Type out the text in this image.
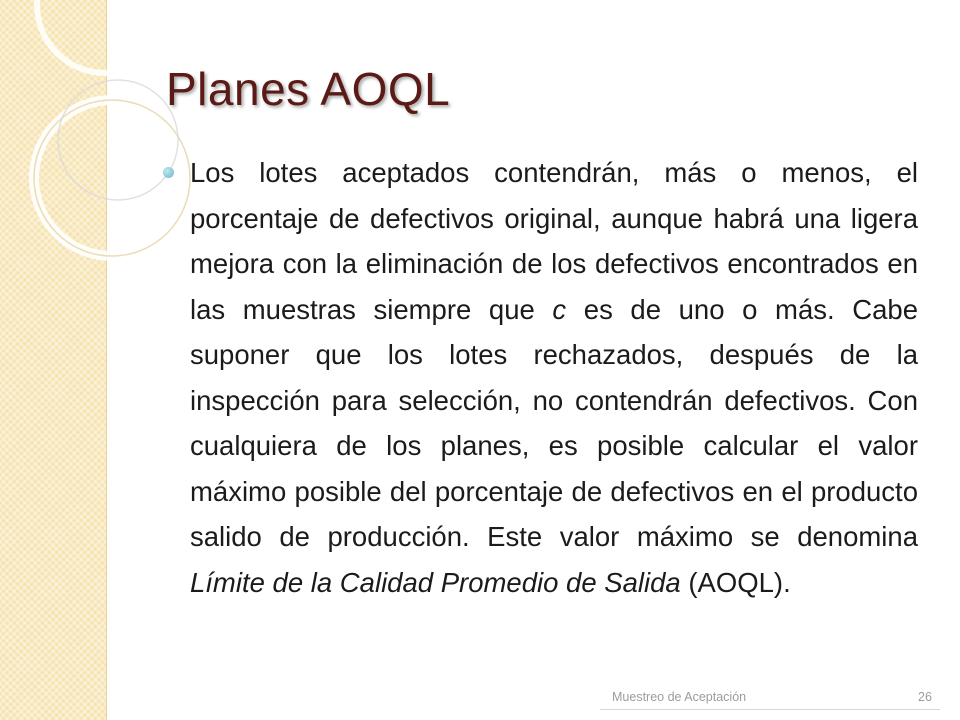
Planes AOQL

Los lotes aceptados contendrán, más o menos, el porcentaje de defectivos original, aunque habrá una ligera mejora con la eliminación de los defectivos encontrados en las muestras siempre que c es de uno o más. Cabe suponer que los lotes rechazados, después de la inspección para selección, no contendrán defectivos. Con cualquiera de los planes, es posible calcular el valor máximo posible del porcentaje de defectivos en el producto salido de producción. Este valor máximo se denomina Límite de la Calidad Promedio de Salida (AOQL).

Muestreo de Aceptación	26
